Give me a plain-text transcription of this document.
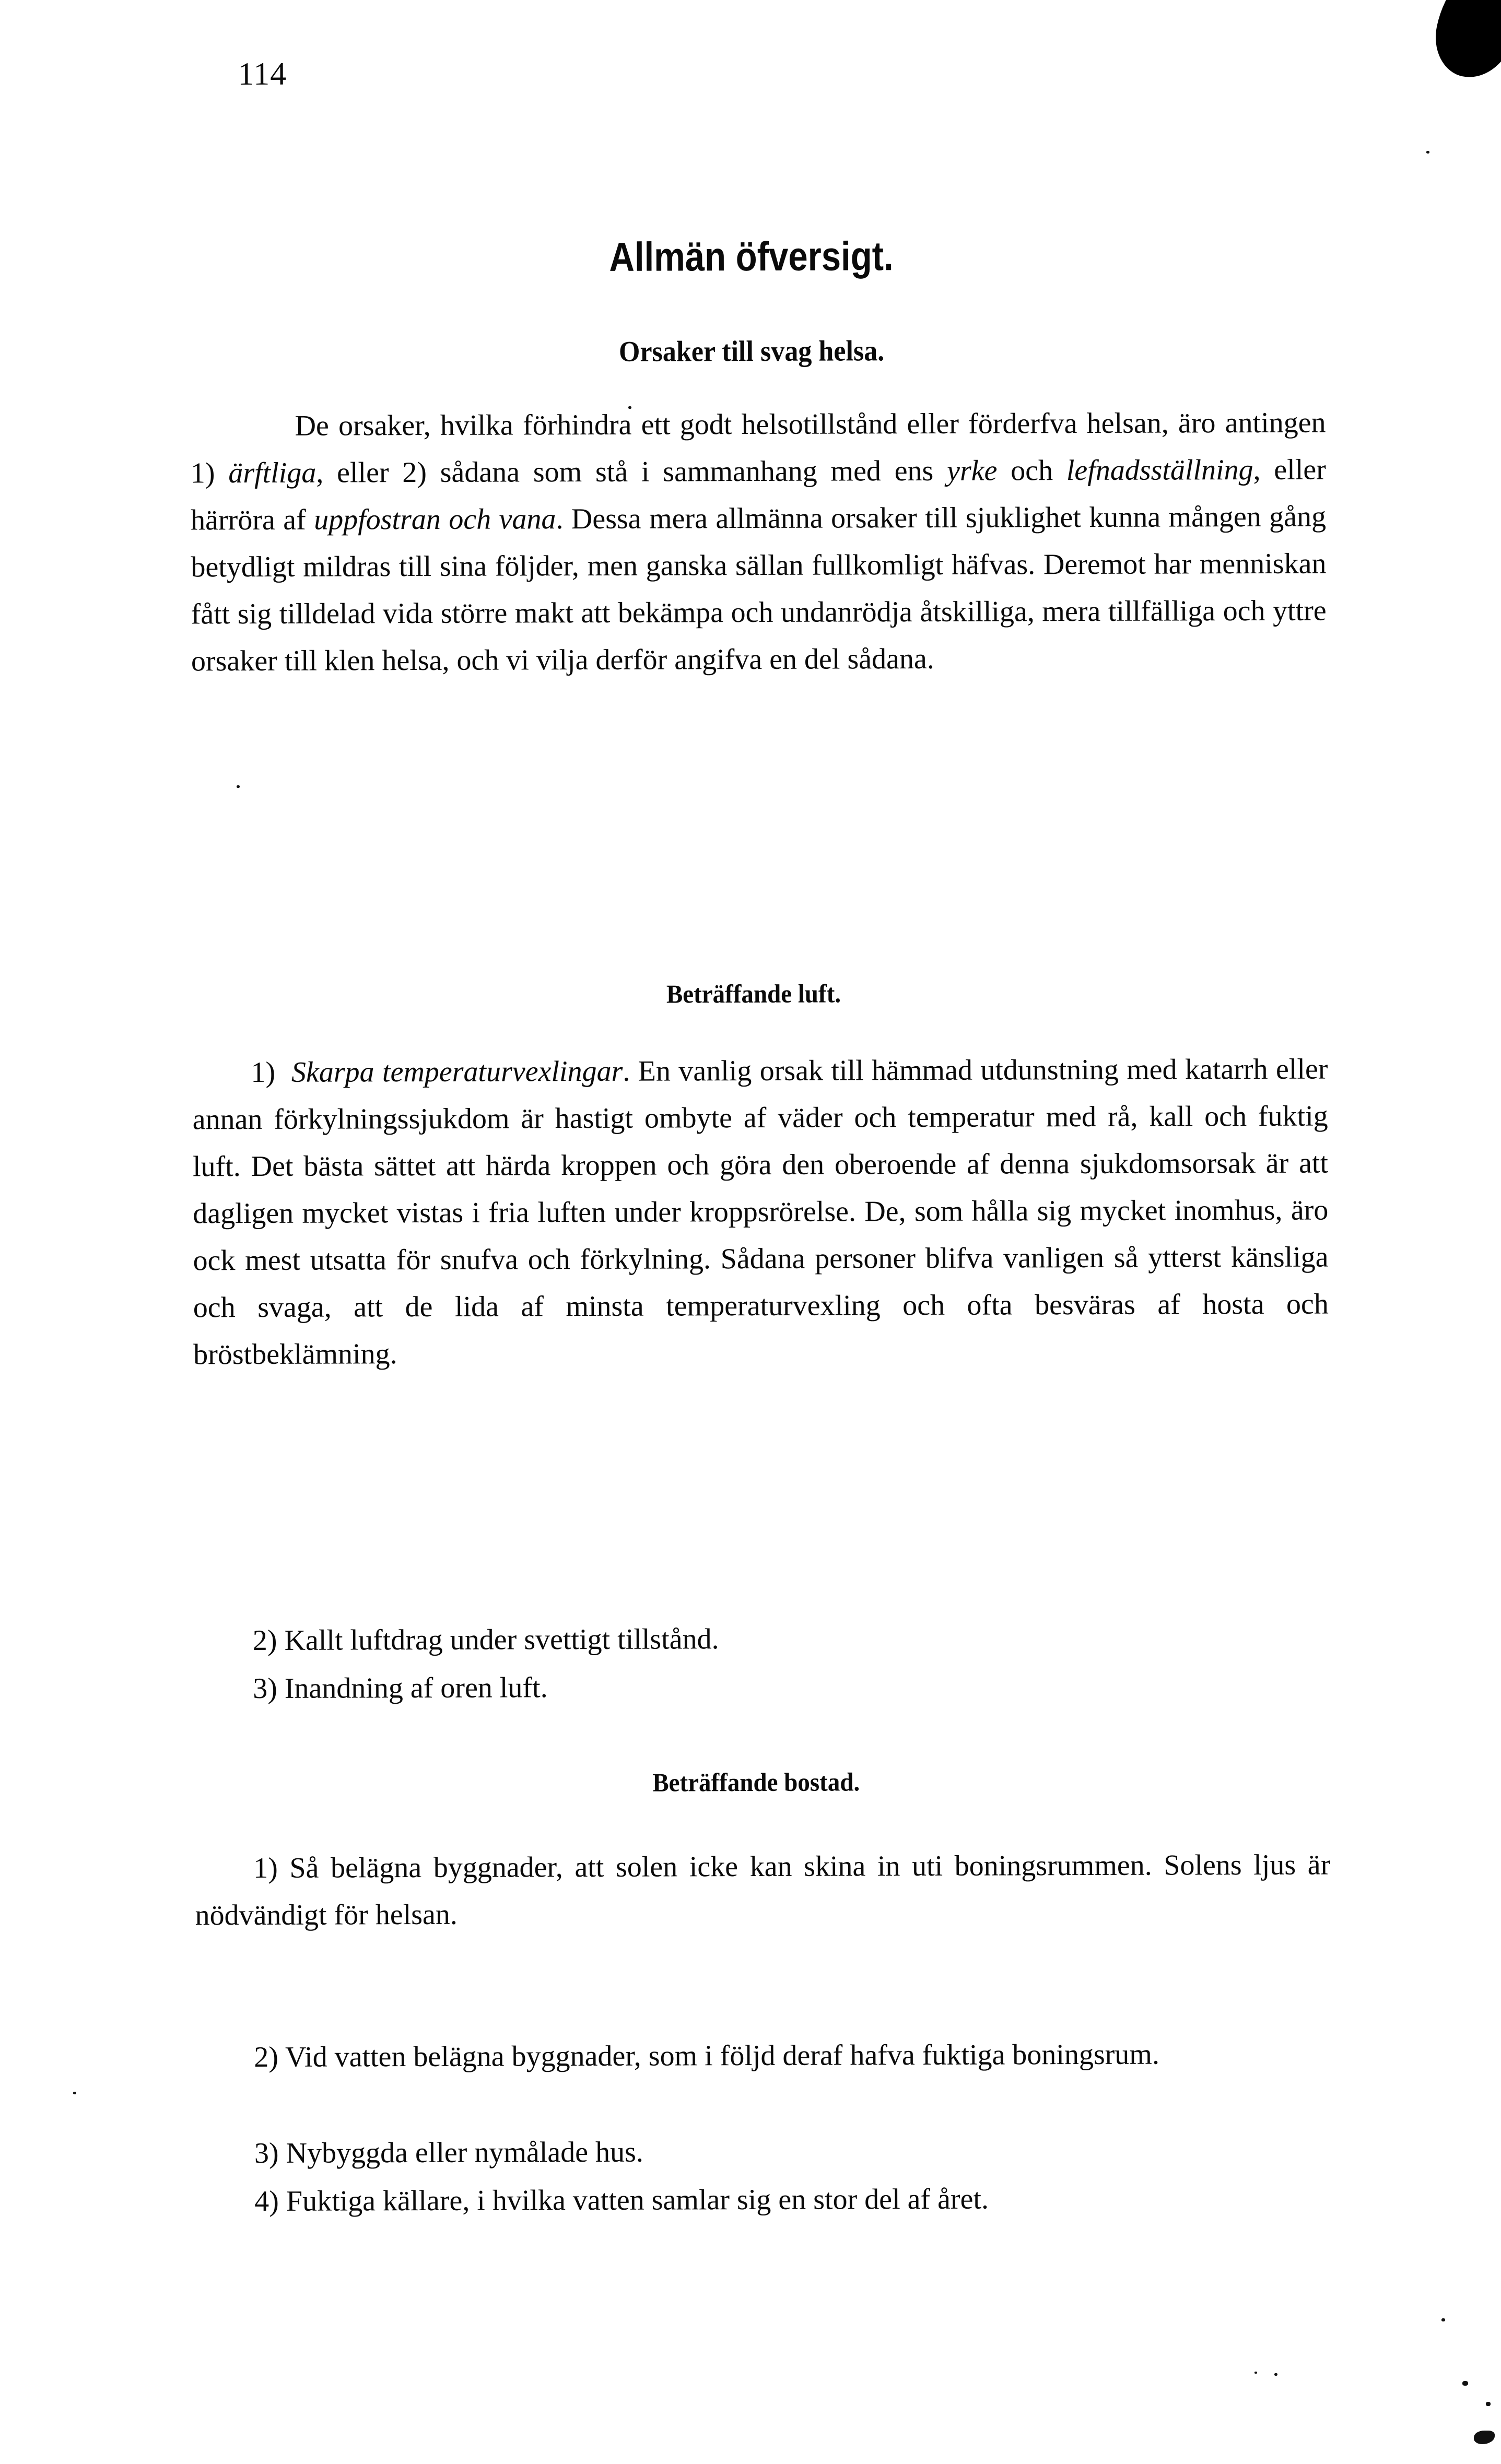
114
Allmän öfversigt.
Orsaker till svag helsa.

De orsaker, hvilka förhindra ett godt helsotillstånd eller förderfva helsan, äro antingen 1) ärftliga, eller 2) sådana som stå i sammanhang med ens yrke och lefnadsställning, eller härröra af uppfostran och vana. Dessa mera allmänna orsaker till sjuklighet kunna mången gång betydligt mildras till sina följder, men ganska sällan fullkomligt häfvas. Deremot har menniskan fått sig tilldelad vida större makt att bekämpa och undanrödja åtskilliga, mera tillfälliga och yttre orsaker till klen helsa, och vi vilja derför angifva en del sådana.

Beträffande luft.

1) Skarpa temperaturvexlingar. En vanlig orsak till hämmad utdunstning med katarrh eller annan förkylningssjukdom är hastigt ombyte af väder och temperatur med rå, kall och fuktig luft. Det bästa sättet att härda kroppen och göra den oberoende af denna sjukdomsorsak är att dagligen mycket vistas i fria luften under kroppsrörelse. De, som hålla sig mycket inomhus, äro ock mest utsatta för snufva och förkylning. Sådana personer blifva vanligen så ytterst känsliga och svaga, att de lida af minsta temperaturvexling och ofta besväras af hosta och bröstbeklämning.

2) Kallt luftdrag under svettigt tillstånd.

3) Inandning af oren luft.

Beträffande bostad.

1) Så belägna byggnader, att solen icke kan skina in uti boningsrummen. Solens ljus är nödvändigt för helsan.

2) Vid vatten belägna byggnader, som i följd deraf hafva fuktiga boningsrum.

3) Nybyggda eller nymålade hus.

4) Fuktiga källare, i hvilka vatten samlar sig en stor del af året.
